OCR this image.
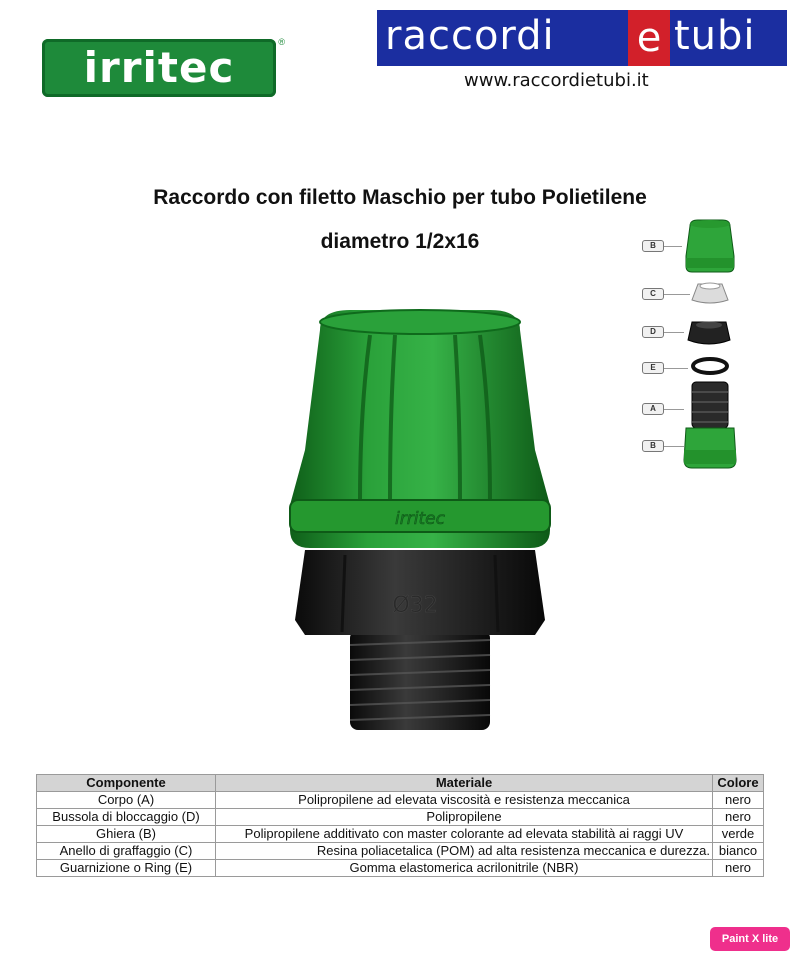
irritec
®	raccordi e tubi
www.raccordietubi.it
Raccordo con filetto Maschio per tubo Polietilene
diametro 1/2x16
Ø32
irritec
B
C
D
E
A
B
Componente	Materiale	Colore
Corpo (A)	Polipropilene ad elevata viscosità e resistenza meccanica	nero
Bussola di bloccaggio (D)	Polipropilene	nero
Ghiera (B)	Polipropilene additivato con master colorante ad elevata stabilità ai raggi UV	verde
Anello di graffaggio (C)	Resina poliacetalica (POM) ad alta resistenza meccanica e durezza.	bianco
Guarnizione o Ring (E)	Gomma elastomerica acrilonitrile (NBR)	nero
Paint X lite
